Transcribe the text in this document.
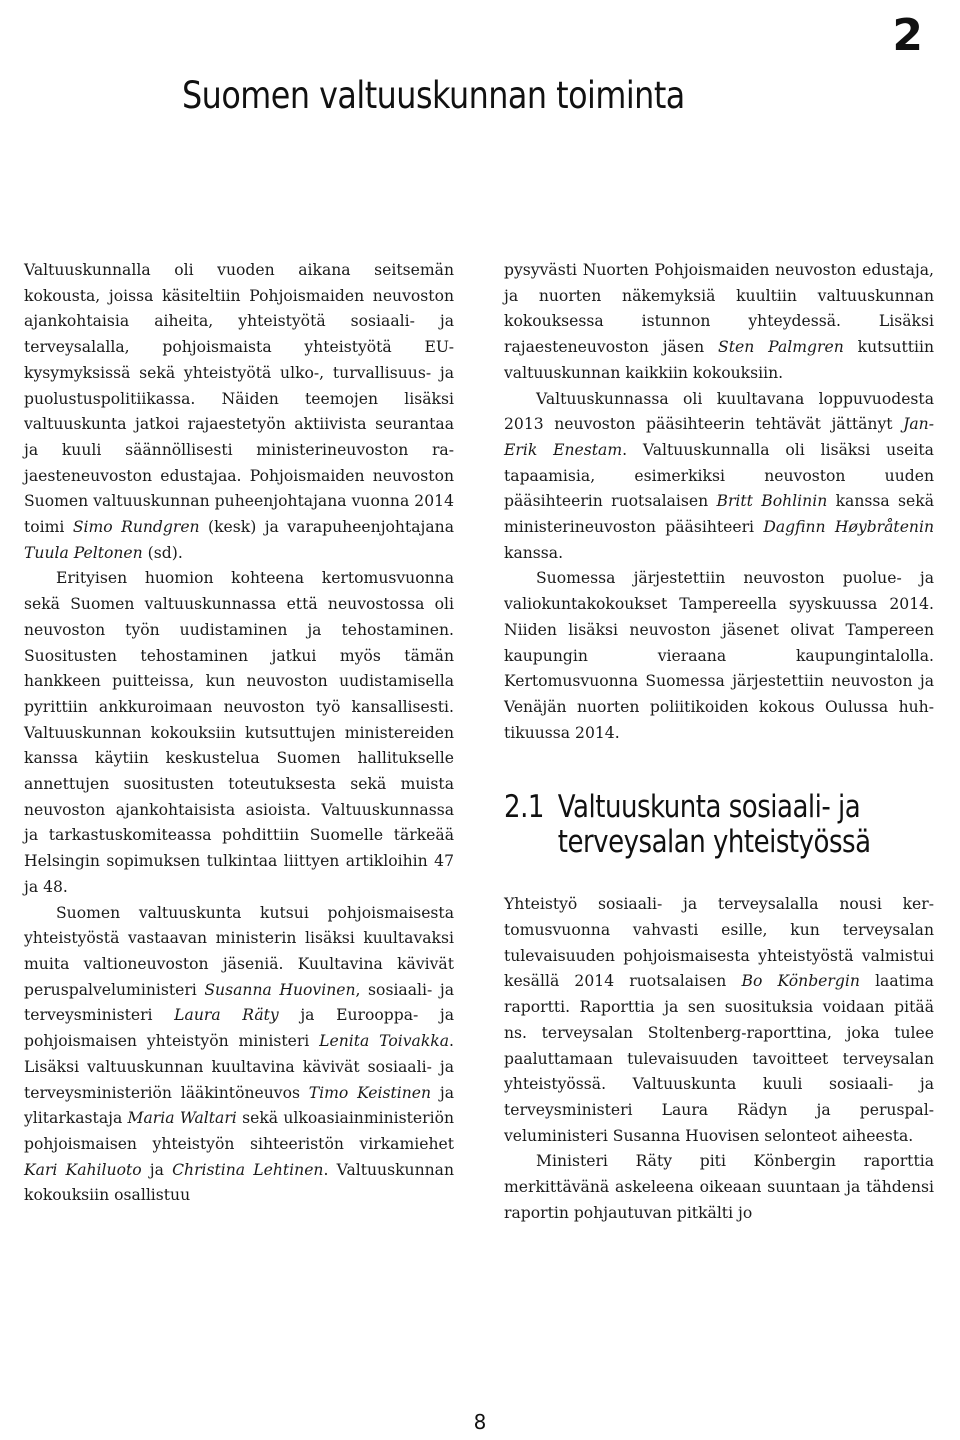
2
Suomen valtuuskunnan toiminta

Valtuuskunnalla oli vuoden aikana seitsemän kokousta, joissa käsiteltiin Pohjoismaiden neuvoston ajankohtaisia aiheita, yhteistyötä sosiaali- ja terveysalalla, pohjoismaista yhteistyötä EU-kysymyksissä sekä yhteistyötä ulko-, turvallisuus- ja puolustuspolitiikassa. Näiden teemojen lisäksi valtuuskunta jatkoi rajaestetyön aktiivista seurantaa ja kuuli säännöllisesti ministerineuvoston rajaesteneuvoston edustajaa. Pohjoismaiden neuvoston Suomen valtuuskunnan puheenjohtajana vuonna 2014 toimi Simo Rundgren (kesk) ja varapuheenjohtajana Tuula Peltonen (sd).

Erityisen huomion kohteena kertomusvuonna sekä Suomen valtuuskunnassa että neuvostossa oli neuvoston työn uudistaminen ja tehostaminen. Suositusten tehostaminen jatkui myös tämän hankkeen puitteissa, kun neuvoston uudistamisella pyrittiin ankkuroimaan neuvoston työ kansallisesti. Valtuuskunnan kokouksiin kutsuttujen ministereiden kanssa käytiin keskustelua Suomen hallitukselle annettujen suositusten toteutuksesta sekä muista neuvoston ajankohtaisista asioista. Valtuuskunnassa ja tarkastuskomiteassa pohdittiin Suomelle tärkeää Helsingin sopimuksen tulkintaa liittyen artikloihin 47 ja 48.

Suomen valtuuskunta kutsui pohjoismaisesta yhteistyöstä vastaavan ministerin lisäksi kuultavaksi muita valtioneuvoston jäseniä. Kuultavina kävivät peruspalveluministeri Susanna Huovinen, sosiaali- ja terveysministeri Laura Räty ja Eurooppa- ja pohjoismaisen yhteistyön ministeri Lenita Toivakka. Lisäksi valtuuskunnan kuultavina kävivät sosiaali- ja terveysministeriön lääkintöneuvos Timo Keistinen ja ylitarkastaja Maria Waltari sekä ulkoasiainministeriön pohjoismaisen yhteistyön sihteeristön virkamiehet Kari Kahiluoto ja Christina Lehtinen. Valtuuskunnan kokouksiin osallistuu

pysyvästi Nuorten Pohjoismaiden neuvoston edustaja, ja nuorten näkemyksiä kuultiin valtuuskunnan kokouksessa istunnon yhteydessä. Lisäksi rajaesteneuvoston jäsen Sten Palmgren kutsuttiin valtuuskunnan kaikkiin kokouksiin.

Valtuuskunnassa oli kuultavana loppuvuodesta 2013 neuvoston pääsihteerin tehtävät jättänyt Jan-Erik Enestam. Valtuuskunnalla oli lisäksi useita tapaamisia, esimerkiksi neuvoston uuden pääsihteerin ruotsalaisen Britt Bohlinin kanssa sekä ministerineuvoston pääsihteeri Dagfinn Høybråtenin kanssa.

Suomessa järjestettiin neuvoston puolue- ja valiokuntakokoukset Tampereella syyskuussa 2014. Niiden lisäksi neuvoston jäsenet olivat Tampereen kaupungin vieraana kaupungintalolla. Kertomusvuonna Suomessa järjestettiin neuvoston ja Venäjän nuorten poliitikoiden kokous Oulussa huhtikuussa 2014.

2.1 Valtuuskunta sosiaali- ja
terveysalan yhteistyössä

Yhteistyö sosiaali- ja terveysalalla nousi kertomusvuonna vahvasti esille, kun terveysalan tulevaisuuden pohjoismaisesta yhteistyöstä valmistui kesällä 2014 ruotsalaisen Bo Könbergin laatima raportti. Raporttia ja sen suosituksia voidaan pitää ns. terveysalan Stoltenberg-raporttina, joka tulee paaluttamaan tulevaisuuden tavoitteet terveysalan yhteistyössä. Valtuuskunta kuuli sosiaali- ja terveysministeri Laura Rädyn ja peruspalveluministeri Susanna Huovisen selonteot aiheesta.

Ministeri Räty piti Könbergin raporttia merkittävänä askeleena oikeaan suuntaan ja tähdensi raportin pohjautuvan pitkälti jo

8
